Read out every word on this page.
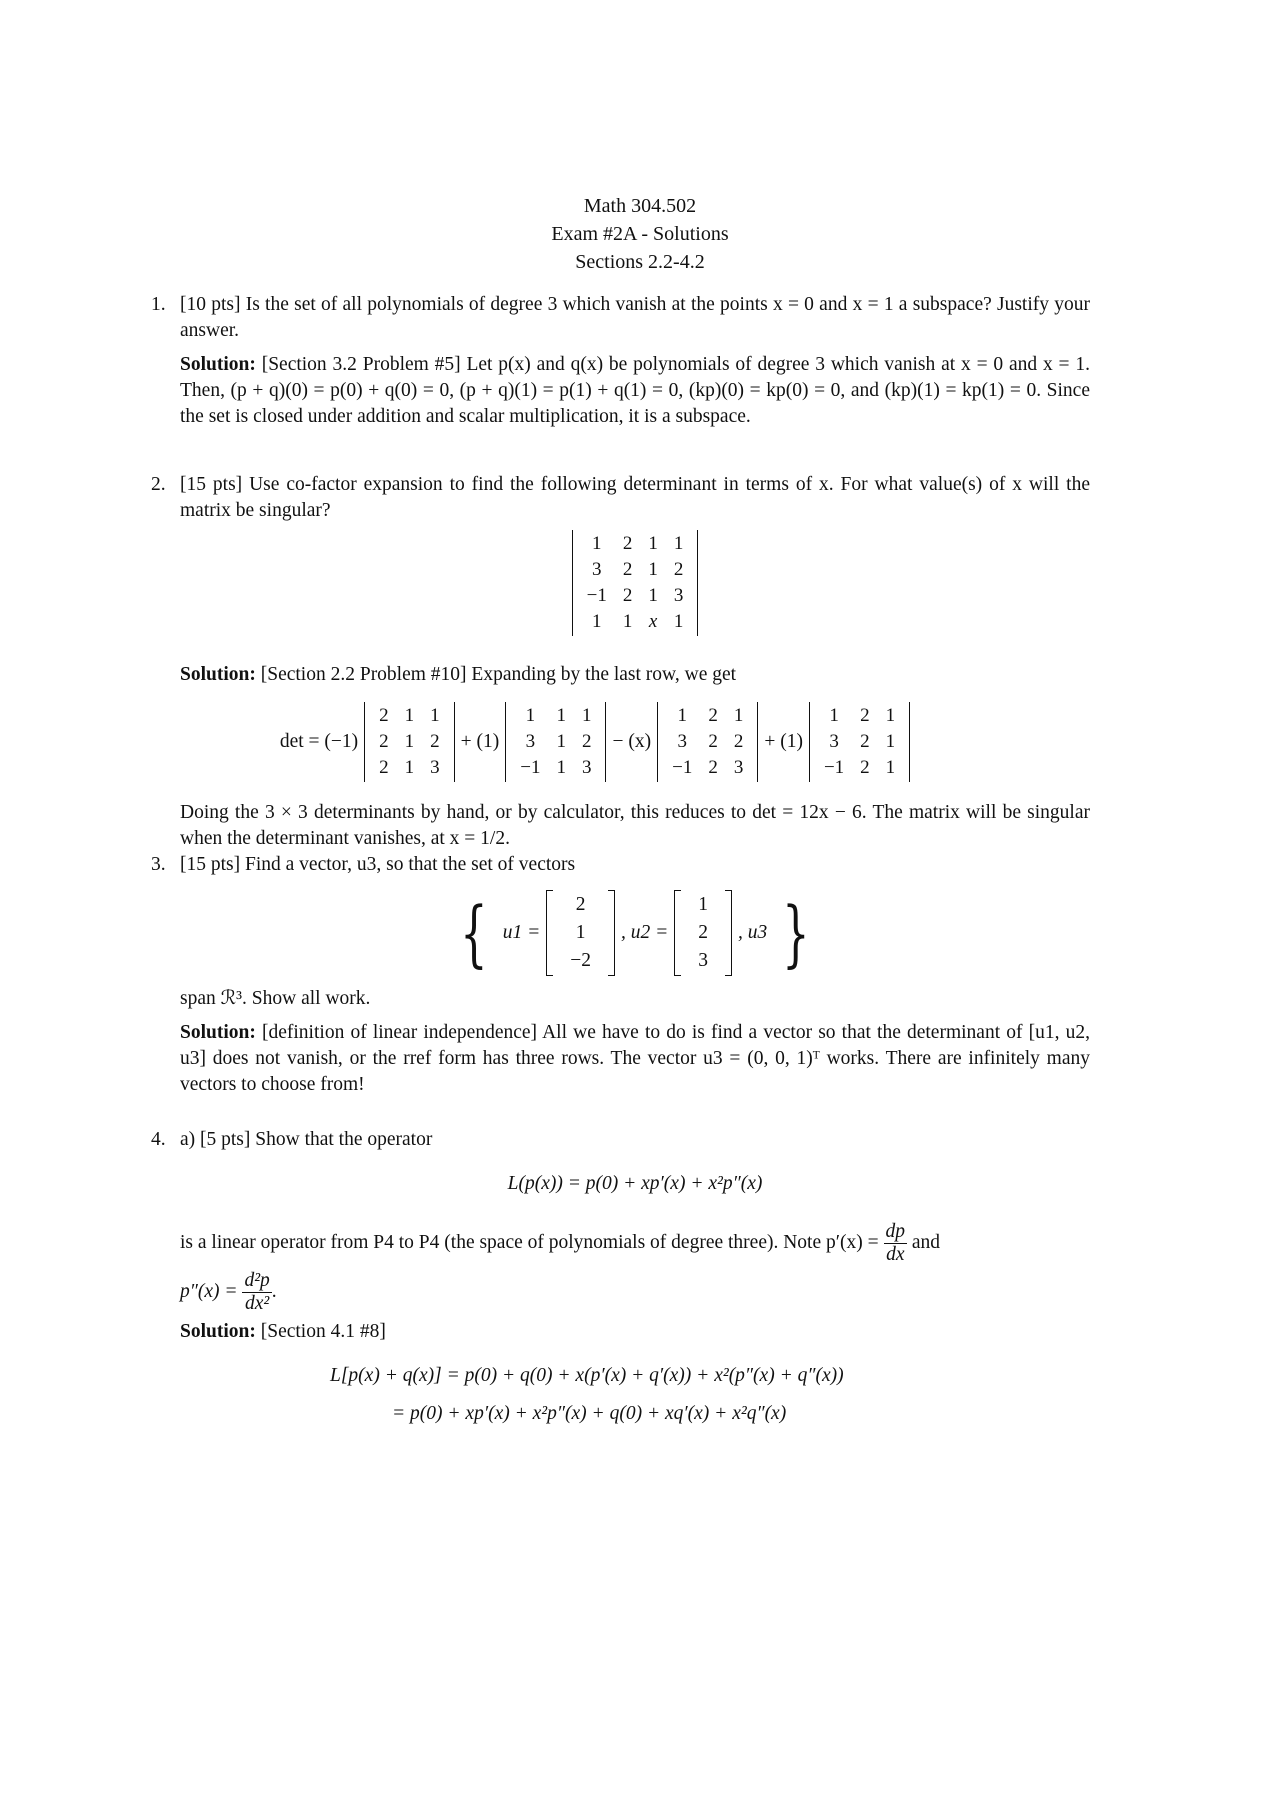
Math 304.502
Exam #2A - Solutions
Sections 2.2-4.2
1. [10 pts] Is the set of all polynomials of degree 3 which vanish at the points x = 0 and x = 1 a subspace? Justify your answer.

Solution: [Section 3.2 Problem #5] Let p(x) and q(x) be polynomials of degree 3 which vanish at x = 0 and x = 1. Then, (p + q)(0) = p(0) + q(0) = 0, (p + q)(1) = p(1) + q(1) = 0, (kp)(0) = kp(0) = 0, and (kp)(1) = kp(1) = 0. Since the set is closed under addition and scalar multiplication, it is a subspace.

2. [15 pts] Use co-factor expansion to find the following determinant in terms of x. For what value(s) of x will the matrix be singular?

1	2	1	1
3	2	1	2
−1	2	1	3
1	1	x	1

Solution: [Section 2.2 Problem #10] Expanding by the last row, we get

det = (−1)
2	1	1
2	1	2
2	1	3
+ (1)
1	1	1
3	1	2
−1	1	3
− (x)
1	2	1
3	2	2
−1	2	3
+ (1)
1	2	1
3	2	1
−1	2	1

Doing the 3 × 3 determinants by hand, or by calculator, this reduces to det = 12x − 6. The matrix will be singular when the determinant vanishes, at x = 1/2.

3. [15 pts] Find a vector, u3, so that the set of vectors

{ u1 =
2
1
−2
, u2 =
1
2
3
, u3 }

span ℛ³. Show all work.

Solution: [definition of linear independence] All we have to do is find a vector so that the determinant of [u1, u2, u3] does not vanish, or the rref form has three rows. The vector u3 = (0, 0, 1)ᵀ works. There are infinitely many vectors to choose from!

4. a) [5 pts] Show that the operator

L(p(x)) = p(0) + xp′(x) + x²p″(x)

is a linear operator from P4 to P4 (the space of polynomials of degree three). Note $p'(x) = \frac{dp}{dx}$ and

$p''(x) = \frac{\text{d²p}}{\text{dx²}}$ .

Solution: [Section 4.1 #8]

L[p(x) + q(x)] = p(0) + q(0) + x(p′(x) + q′(x)) + x²(p″(x) + q″(x))
= p(0) + xp′(x) + x²p″(x) + q(0) + xq′(x) + x²q″(x)
